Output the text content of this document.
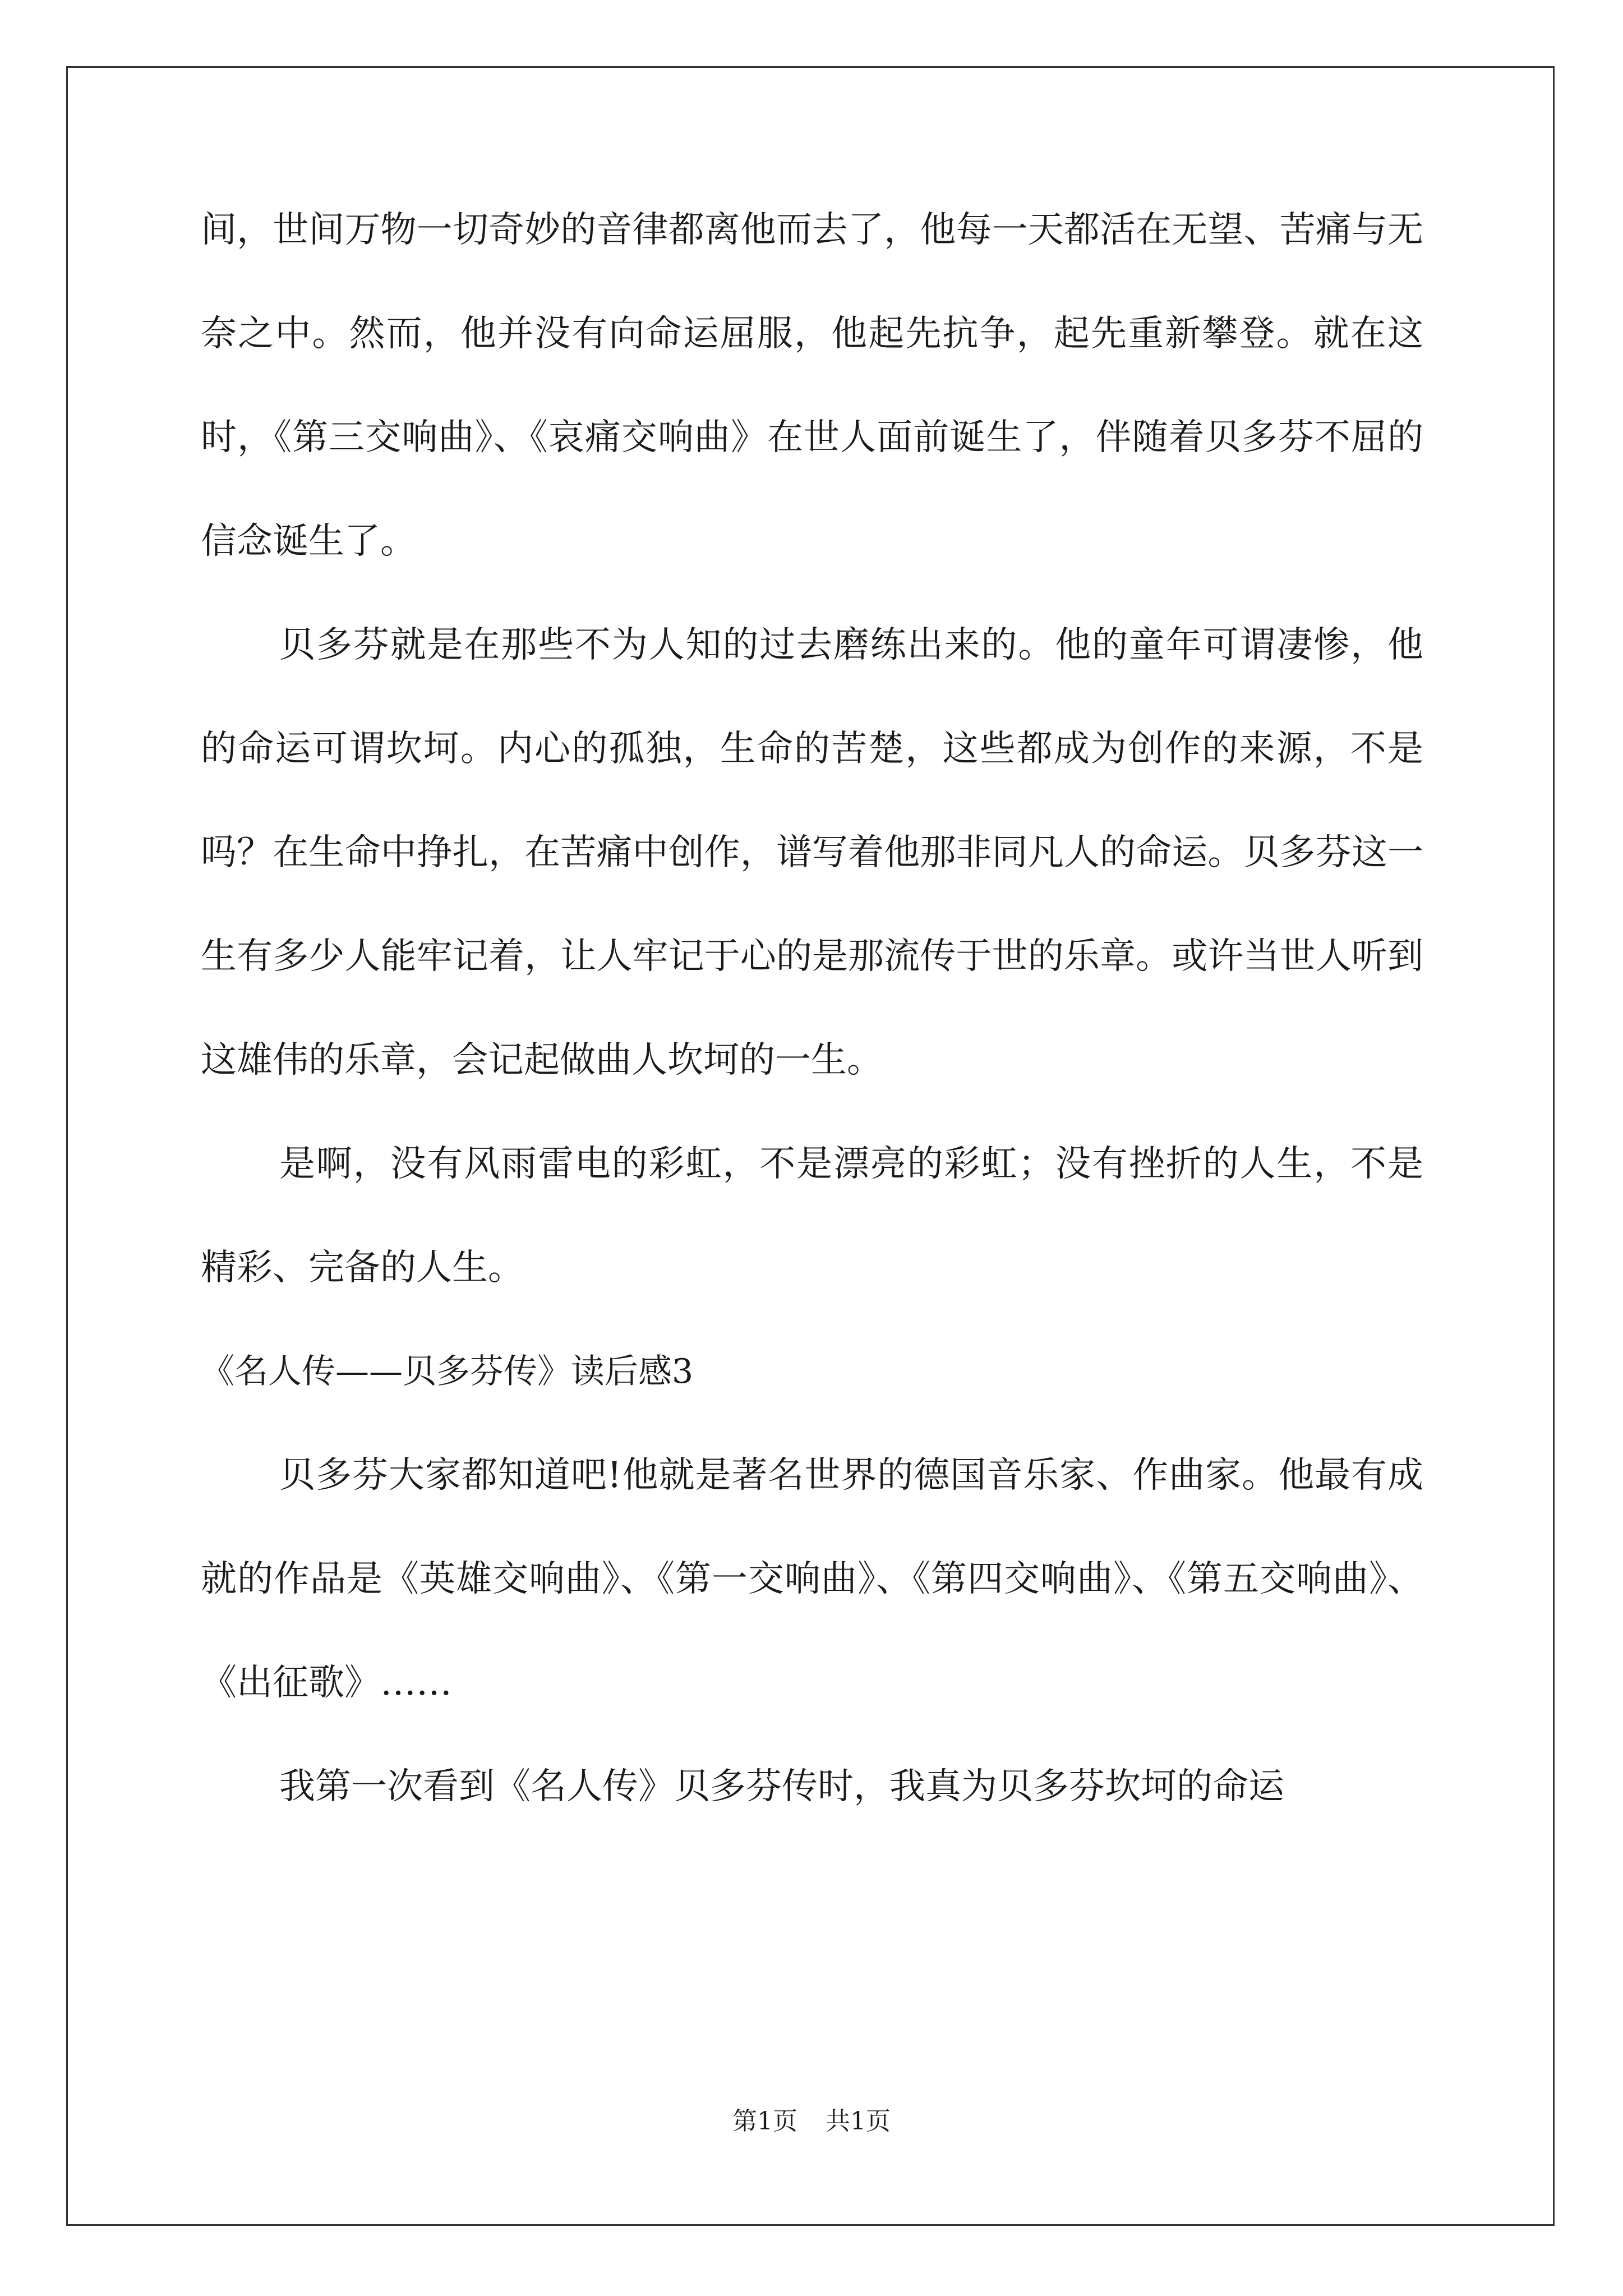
间，世间万物一切奇妙的音律都离他而去了，他每一天都活在无望、苦痛与无奈之中。然而，他并没有向命运屈服，他起先抗争，起先重新攀登。就在这时，《第三交响曲》、《哀痛交响曲》在世人面前诞生了，伴随着贝多芬不屈的信念诞生了。

贝多芬就是在那些不为人知的过去磨练出来的。他的童年可谓凄惨，他的命运可谓坎坷。内心的孤独，生命的苦楚，这些都成为创作的来源，不是吗？在生命中挣扎，在苦痛中创作，谱写着他那非同凡人的命运。贝多芬这一生有多少人能牢记着，让人牢记于心的是那流传于世的乐章。或许当世人听到这雄伟的乐章，会记起做曲人坎坷的一生。

是啊，没有风雨雷电的彩虹，不是漂亮的彩虹；没有挫折的人生，不是精彩、完备的人生。

《名人传——贝多芬传》读后感3

贝多芬大家都知道吧!他就是著名世界的德国音乐家、作曲家。他最有成就的作品是《英雄交响曲》、《第一交响曲》、《第四交响曲》、《第五交响曲》、《出征歌》……

我第一次看到《名人传》贝多芬传时，我真为贝多芬坎坷的命运

第1页 共1页
